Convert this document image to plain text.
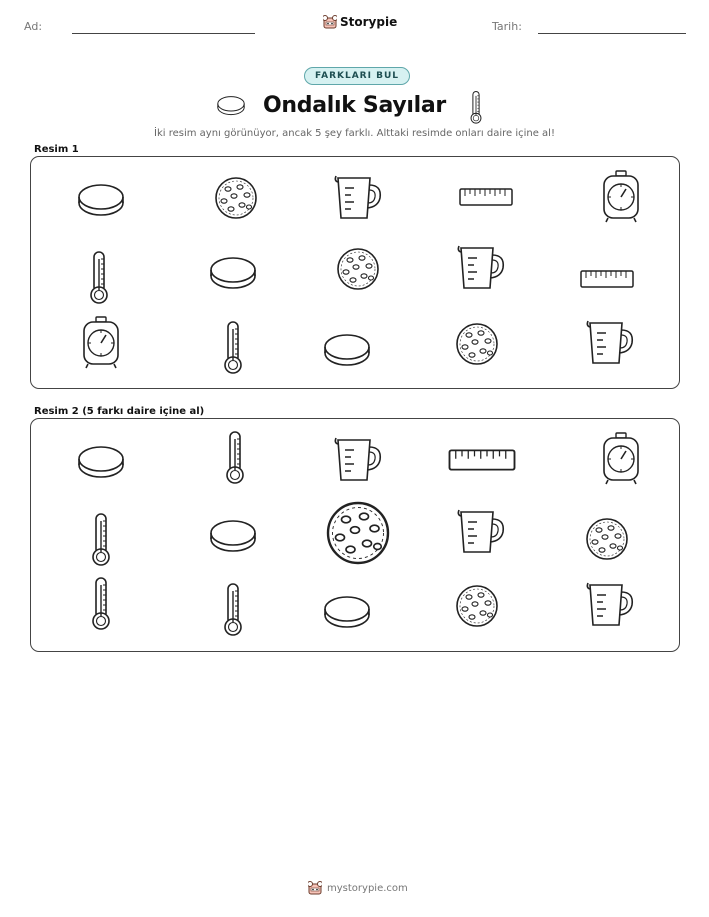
Ad:	Storypie	Tarih:
FARKLARI BUL
Ondalık Sayılar
İki resim aynı görünüyor, ancak 5 şey farklı. Alttaki resimde onları daire içine al!
Resim 1
Resim 2 (5 farkı daire içine al)
mystorypie.com
